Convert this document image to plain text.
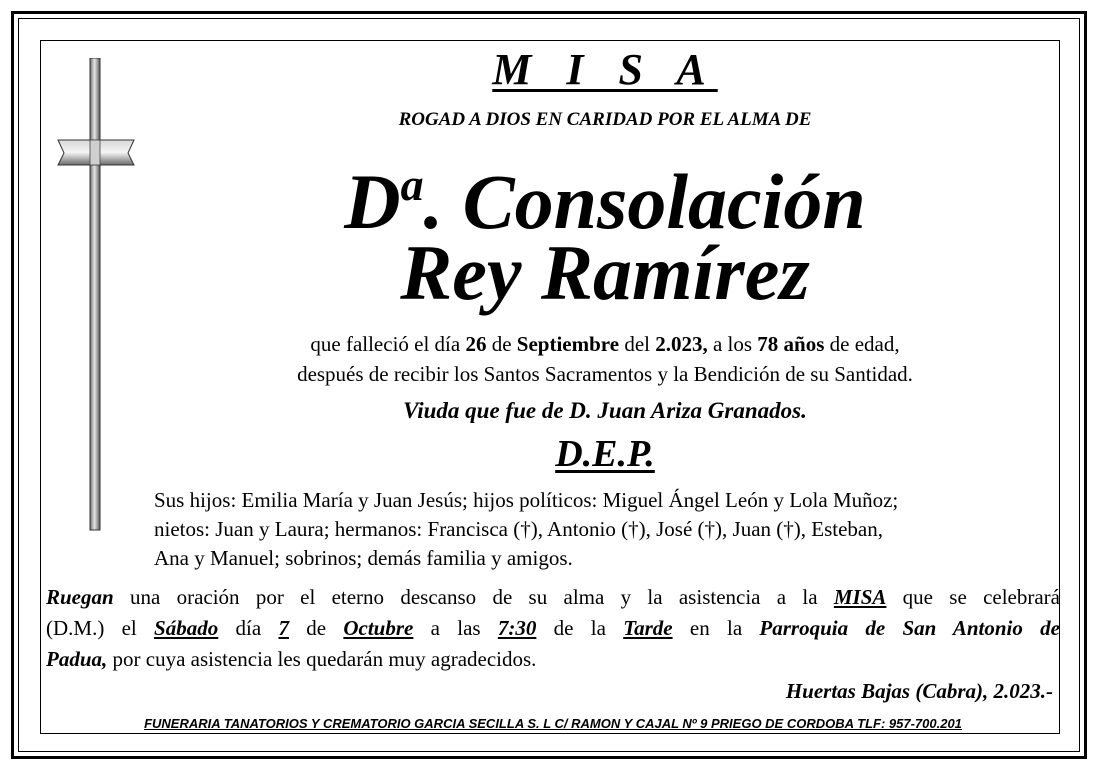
M I S A
ROGAD A DIOS EN CARIDAD POR EL ALMA DE
$D^a$. Consolación
Rey Ramírez
que falleció el día 26 de Septiembre del 2.023, a los 78 años de edad,
después de recibir los Santos Sacramentos y la Bendición de su Santidad.
Viuda que fue de D. Juan Ariza Granados.
D.E.P.
Sus hijos: Emilia María y Juan Jesús; hijos políticos: Miguel Ángel León y Lola Muñoz;
nietos: Juan y Laura; hermanos: Francisca (†), Antonio (†), José (†), Juan (†), Esteban,
Ana y Manuel; sobrinos; demás familia y amigos.
Ruegan una oración por el eterno descanso de su alma y la asistencia a la MISA que se celebrará
(D.M.) el Sábado día 7 de Octubre a las 7:30 de la Tarde en la Parroquia de San Antonio de
Padua, por cuya asistencia les quedarán muy agradecidos.
Huertas Bajas (Cabra), 2.023.-
FUNERARIA TANATORIOS Y CREMATORIO GARCIA SECILLA S. L C/ RAMON Y CAJAL Nº 9 PRIEGO DE CORDOBA TLF: 957-700.201
